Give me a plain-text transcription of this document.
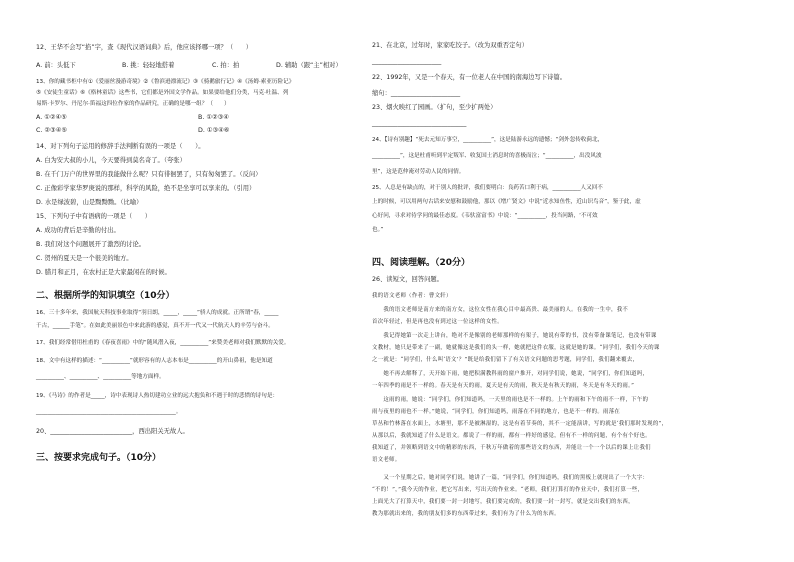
12、王华不会写“掐”字，查《现代汉语词典》后，他应该择哪一项？（　　）
A. 前：头低下	B. 挑：轻轻地搭着	C. 拍：拍	D. 辅助（跟“主”相对）
13、你的藏书柜中有①《爱丽丝漫游奇境》②《鲁滨逊漂流记》③《骑鹅旅行记》④《汤姆·索亚历险记》
⑤《安徒生童话》⑥《格林童话》这些书，它们都是外国文学作品。如果要给他们分类，马克·吐温、列
易斯·卡罗尔、丹尼尔·笛福这四位作家的作品研究，正确的是哪一组？（　　）
A. ①②④⑤	B. ①②③④
C. ②③④⑤	D. ①③④⑥
14、对下列句子运用的修辞手法判断有误的一项是（　　）。
A. 白为安大叔的小儿，今天要得到莫名奇了。（夸张）
B. 在千门万户的世界里的我能做什么呢？只有徘徊罢了，只有匆匆罢了。（反问）
C. 正像彩学家华罗庚说的那样，科学的风险，绝不是坐享可以享来的。（引用）
D. 水是绿波碧，山是黝黝黝。（比喻）
15、下列句子中有语病的一项是（　　）
A. 成功的背后是辛勤的付出。
B. 我们对这个问题展开了激烈的讨论。
C. 贺州的夏天是一个很美的地方。
D. 腊月和正月，在农村正是大家最闲在的时候。
二、根据所学的知识填空（10分）
16、三十多年来，我国航天科技事业取得“羽日朗，_____，_____”骄人的成就。正所谓“春，_____
千古，______手笔”。在如此美丽景色中来此游的感觉，真不开一代又一代航天人的辛劳与奋斗。
17、我们经常借用杜甫的《春夜喜雨》中的“随风潜入夜，__________”来赞美老师对我们默默的关爱。
18、文中有这样的描述：“__________”就形容有的人志本布是__________的开山鼻祖，他是知道
__________、__________、__________等地方面样。
19、《马诗》的作者是_____，诗中表现诗人热切建功立业的远大抱负和不遇于时的悲愤的诗句是：
__________________________________________________。
20、__________________________，西出阳关无故人。
三、按要求完成句子。（10分）
21、在北京，过年时，家家吃饺子。（改为双重否定句）
______________________
22、1992年，又是一个春天，有一位老人在中国的南海边写下诗篇。
缩句：______________________
23、烟火映红了园画。（扩句，至少扩两处）
______________________________
24、【诗有别趣】“死去元知万事空，__________”，这是陆游永远的遗憾；“剑外忽传收蓟北，
__________”，这是杜甫听到平定叛军、收复国土消息时的喜极而泣；“__________，出没风波
里”，这是范仲淹对劳动人民的同情。
25、人总是有缺点的，对于别人的批评，我们要明白：良药苦口利于病，__________人又回不
上的时候，可以用两句古话来安慰和鼓励他，那以《增广贤文》中说“近水知鱼性，近山识鸟音”，鉴于此，虚
心好问，寻求对待学问的最佳态度。《韦驮富富书》中说：“__________，投当问路，‘不可效
也。”
四、阅读理解。（20分）
26、读短文，回答问题。
我的语文老师（作者：曹文轩）
　　我的语文老师是南方来的南方女，这位女性在我心目中最高贵、最美丽的人。在我的一生中，我不
首次年轻过，但是再也没有到过这一位这样的女性。
　　我记得她第一次走上讲台，绝对不是像别的老师那样的有架子，她说有带的书，没有带备课笔记，也没有带课
文教材，她只是带来了一副，她就像这是我们的头一样，她就把这件衣服，这就是她的课。“同学们，我们今天的课
之一就是：“同学们，什么叫‘语文’？”既是给我们留下了有关语文问题的思考题，同学们，我们翻来覆去，
　　她不再去解释了，天开始下雨，她把积满教科雨的窗户推开，对同学们说，她说，“同学们，你们知道吗，
一年四季的雨是不一样的。春天是有天的雨，夏天是有天的雨，秋天是有秋天的雨，冬天是有冬天的雨。”
　　这雨的雨，她说：“同学们，你们知道吗，一天里的雨也是不一样的。上午的雨和下午的雨不一样，下午的
雨与夜里的雨也不一样。”她说，“同学们，你们知道吗，雨落在不同的地方，也是不一样的。雨落在
草丛和竹林落在水面上，水塘里，那不是被淋湿的，这是有着节奏的，其不一定能演讲，写的就是‘我们那时发现的”，
从那以后，我就知道了什么是语文。都说了一样的雨，都有一样好的感觉，但有不一样的问题，有个有个好也。
我知道了，并领略到语文中的精彩的东西，千秋万年做着的那些语文的东西，并能让一个一个以后的课上让我们
语文老师。
　　又一个星期之后，她对同学们说，她讲了一篇，“同学们，你们知道吗，我们的黑板上就现出了一个大字：
“不的！”，”我今天的作业，把它写出来，写出天的作业来。“老师，我们打算打的作业天中，我们打算一些，
上面光大了打算天中，我们要一封一封地写，我们要完成的，我们要一封一封写，就是交出我们的东西，
教为那就出来的，我的朋友们多的东西带过来，我们有为了什么为的东西。
